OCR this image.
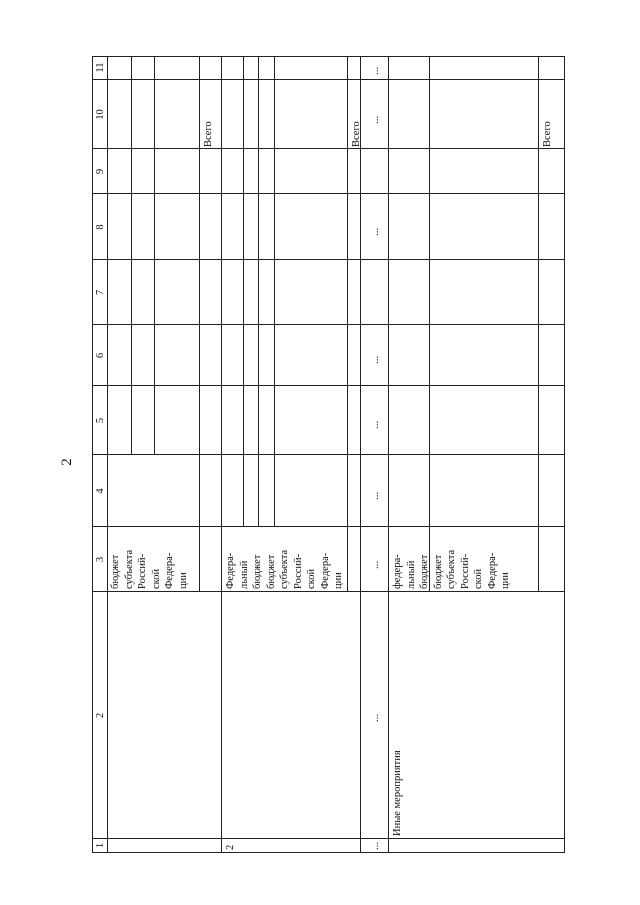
2
1
2
3
4
5
6
7
8
9
10
11
бюджет субъекта Россий- ской Федера- ции
Всего
2
Федера- льный бюджет бюджет субъекта Россий- ской Федера- ции
Всего
...
...
...
...
...
...
...
...
...
Иные мероприятия
федера- льный бюджет бюджет субъекта Россий- ской Федера- ции
Всего
